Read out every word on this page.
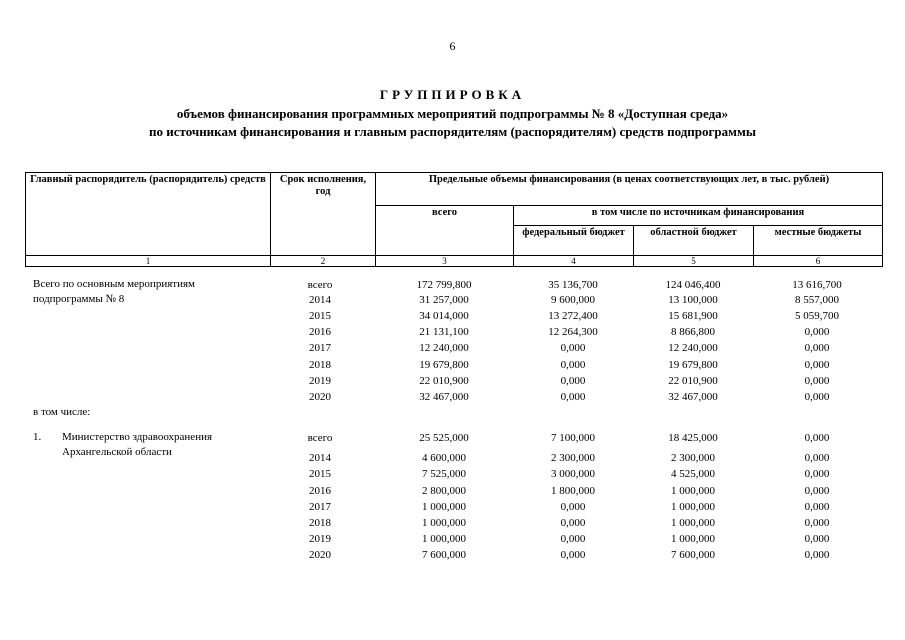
6
ГРУППИРОВКА
объемов финансирования программных мероприятий подпрограммы № 8 «Доступная среда»
по источникам финансирования и главным распорядителям (распорядителям) средств подпрограммы
Главный распорядитель (распорядитель) средств	Срок исполнения, год	Предельные объемы финансирования (в ценах соответствующих лет, в тыс. рублей)			
		всего	в том числе по источникам финансирования		
			федеральный бюджет	областной бюджет	местные бюджеты
1	2	3	4	5	6
Всего по основным мероприятиям
подпрограммы № 8
всего	172 799,800	35 136,700	124 046,400	13 616,700
2014	31 257,000	9 600,000	13 100,000	8 557,000
2015	34 014,000	13 272,400	15 681,900	5 059,700
2016	21 131,100	12 264,300	8 866,800	0,000
2017	12 240,000	0,000	12 240,000	0,000
2018	19 679,800	0,000	19 679,800	0,000
2019	22 010,900	0,000	22 010,900	0,000
2020	32 467,000	0,000	32 467,000	0,000
в том числе:
1. Министерство здравоохранения
Архангельской области
всего	25 525,000	7 100,000	18 425,000	0,000
2014	4 600,000	2 300,000	2 300,000	0,000
2015	7 525,000	3 000,000	4 525,000	0,000
2016	2 800,000	1 800,000	1 000,000	0,000
2017	1 000,000	0,000	1 000,000	0,000
2018	1 000,000	0,000	1 000,000	0,000
2019	1 000,000	0,000	1 000,000	0,000
2020	7 600,000	0,000	7 600,000	0,000
